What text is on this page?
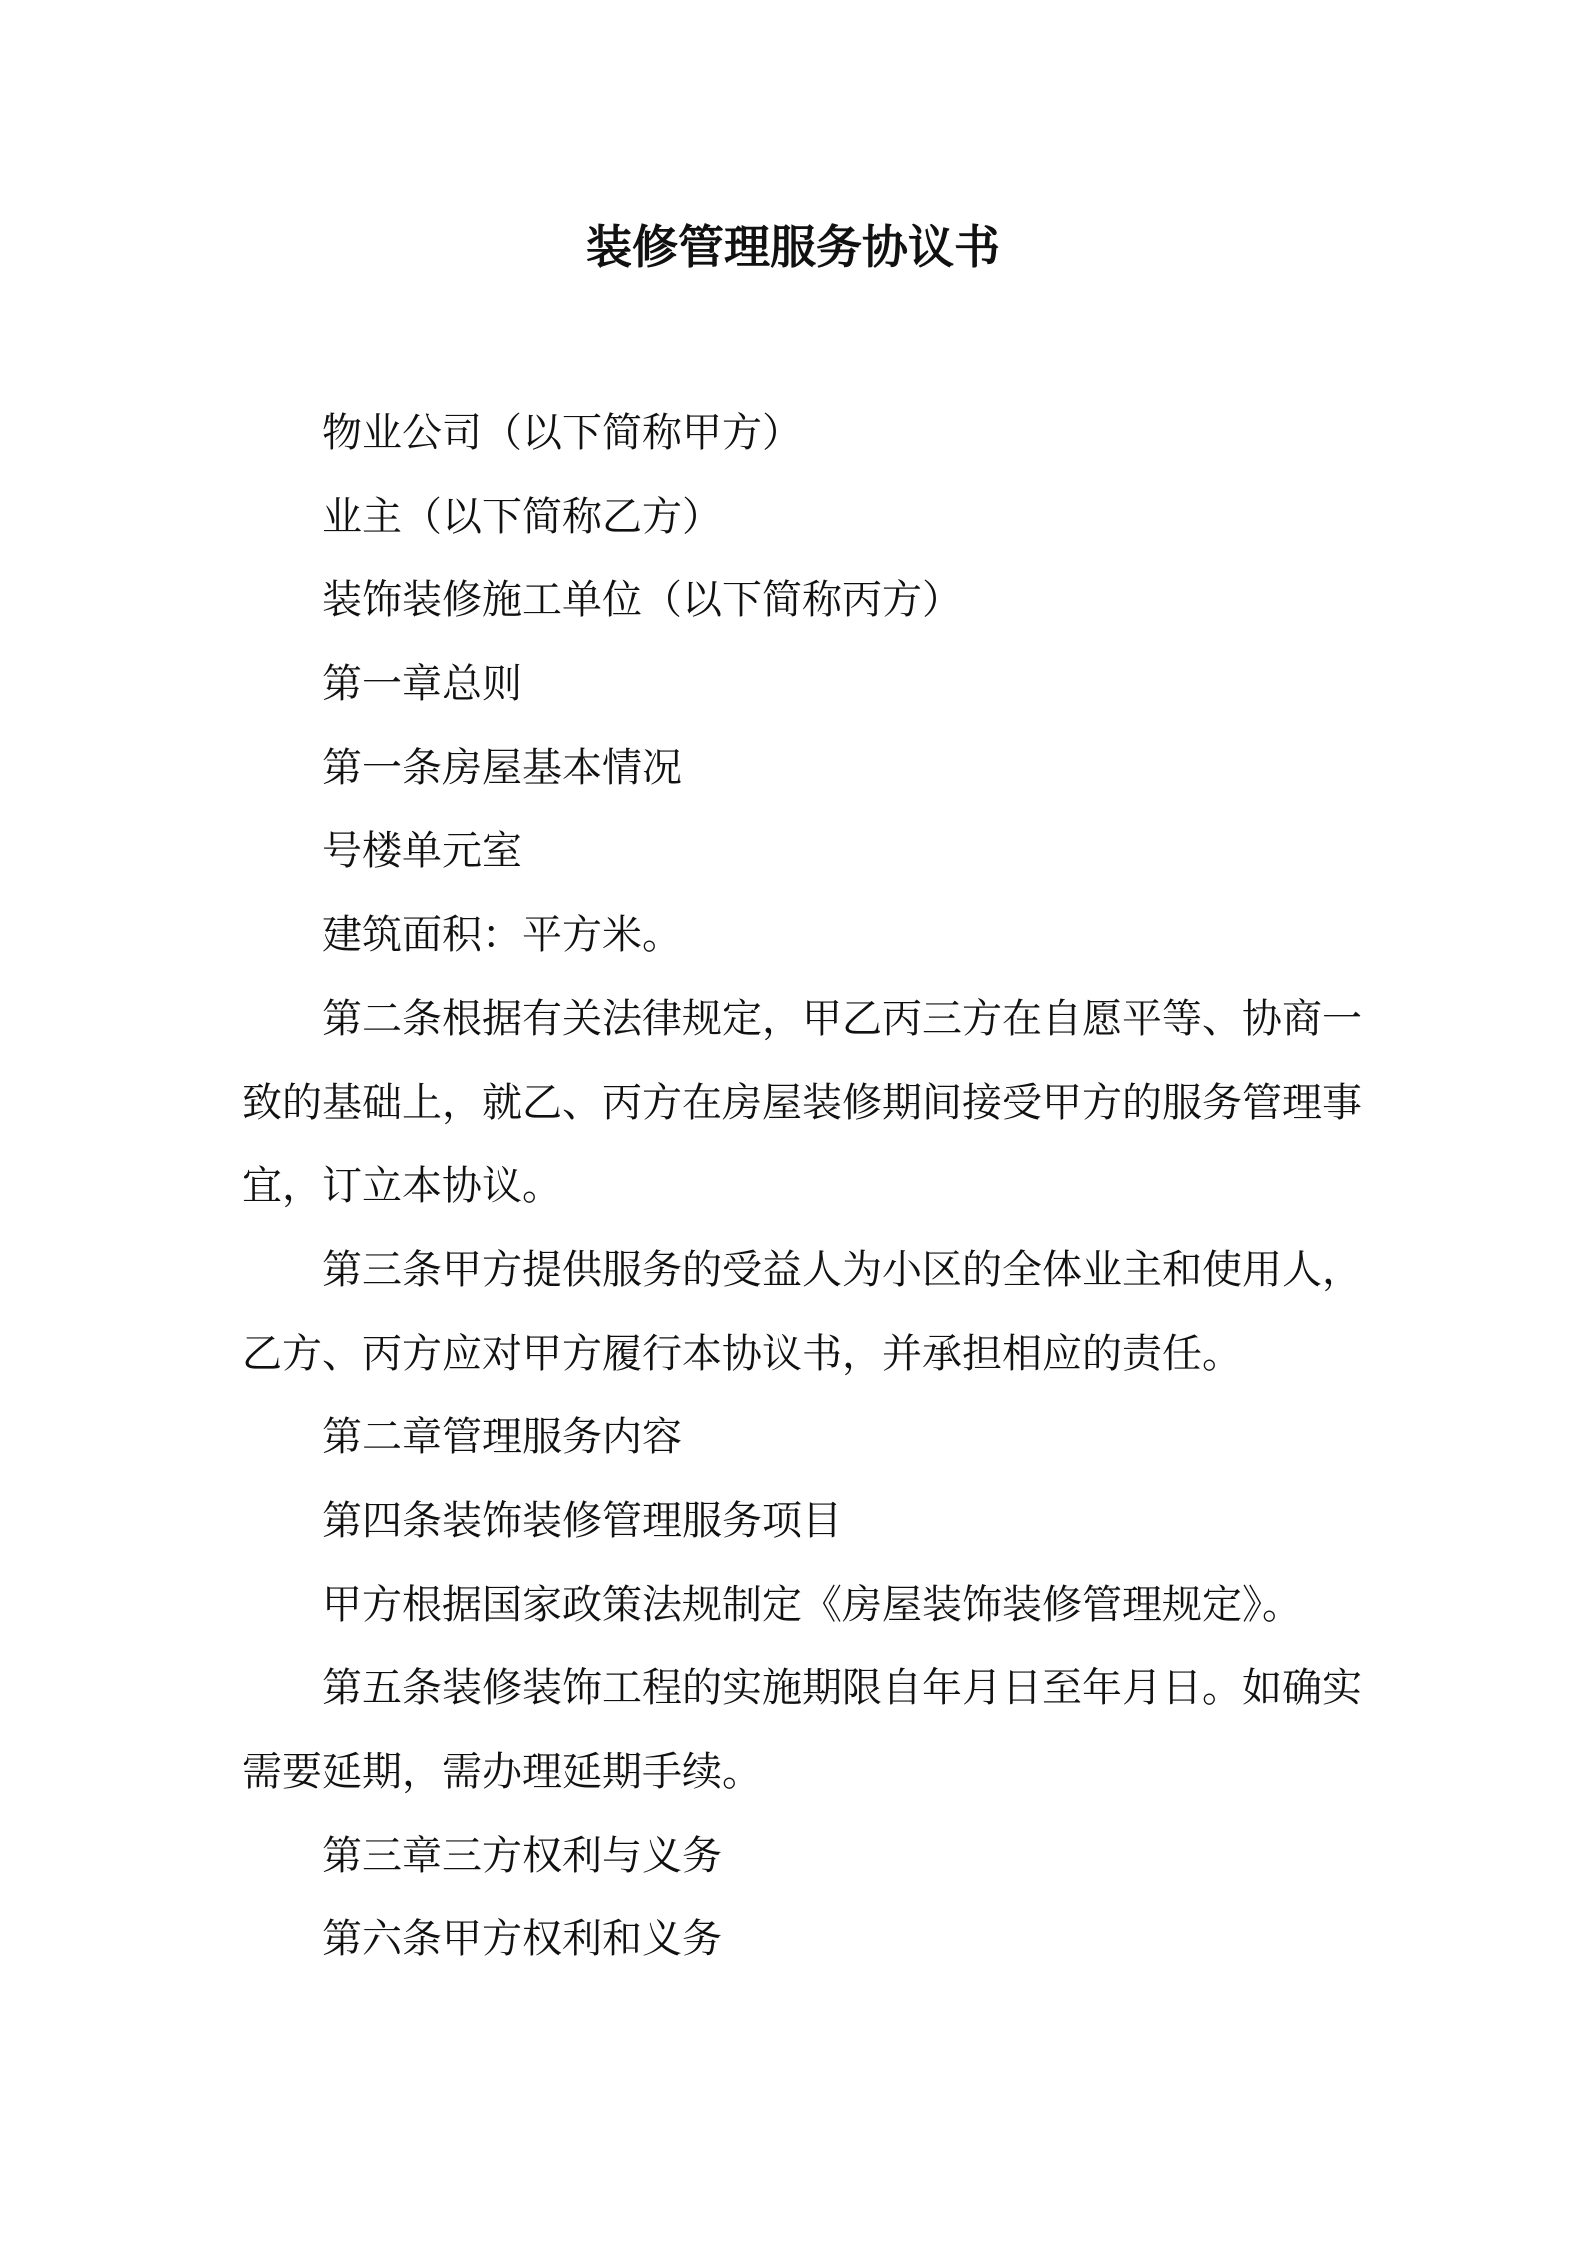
装修管理服务协议书
物业公司（以下简称甲方）
业主（以下简称乙方）
装饰装修施工单位（以下简称丙方）
第一章总则
第一条房屋基本情况
号楼单元室
建筑面积：平方米。
第二条根据有关法律规定，甲乙丙三方在自愿平等、协商一
致的基础上，就乙、丙方在房屋装修期间接受甲方的服务管理事
宜，订立本协议。
第三条甲方提供服务的受益人为小区的全体业主和使用人，
乙方、丙方应对甲方履行本协议书，并承担相应的责任。
第二章管理服务内容
第四条装饰装修管理服务项目
甲方根据国家政策法规制定《房屋装饰装修管理规定》。
第五条装修装饰工程的实施期限自年月日至年月日。如确实
需要延期，需办理延期手续。
第三章三方权利与义务
第六条甲方权利和义务
